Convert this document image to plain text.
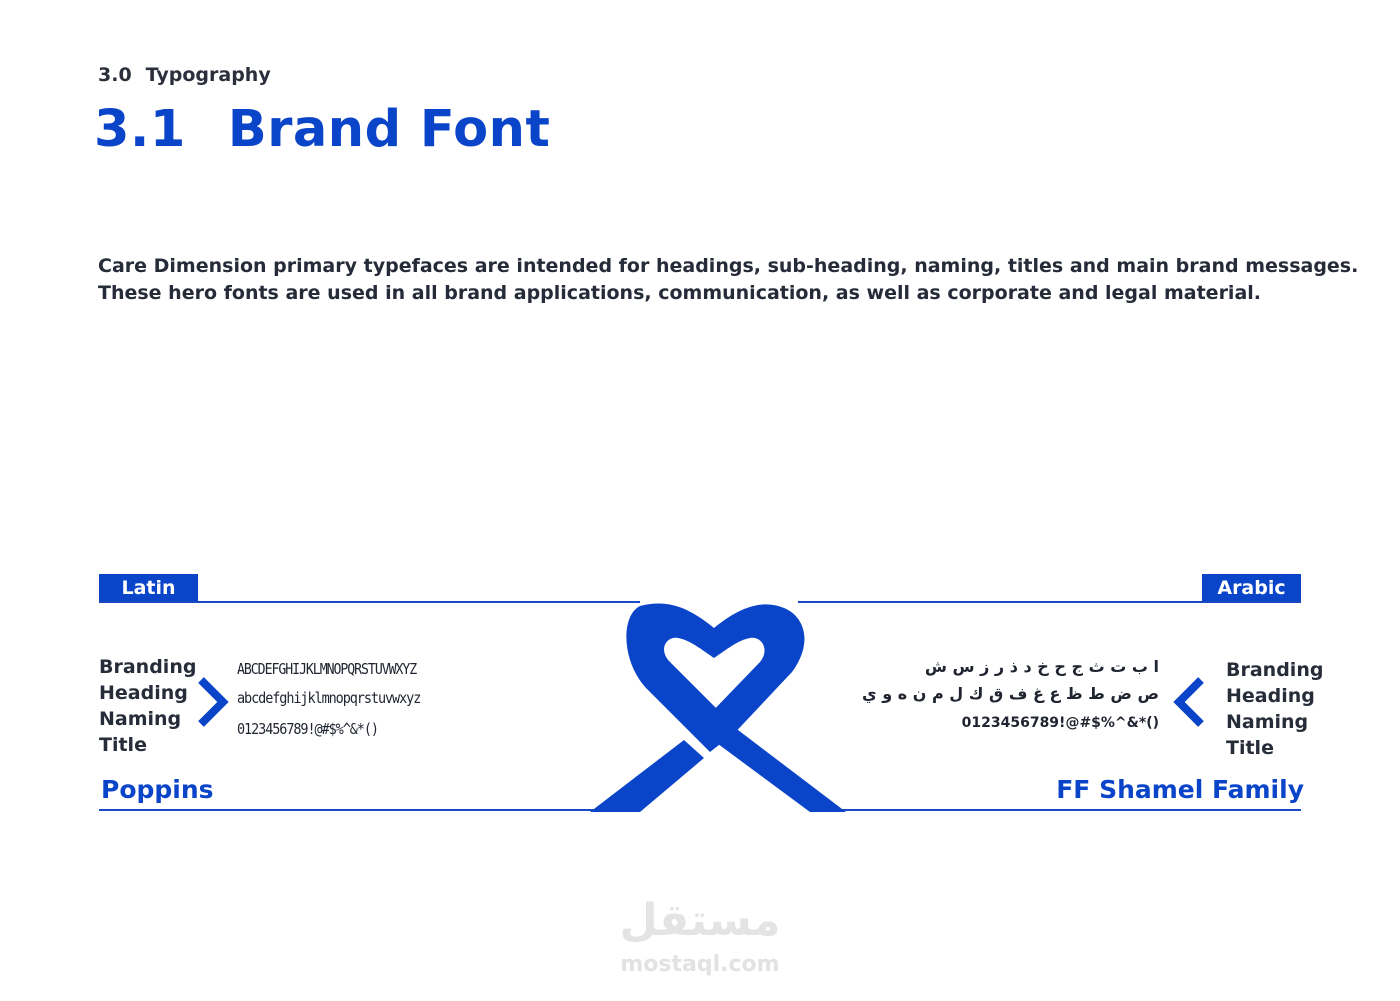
3.0 Typography
3.1 Brand Font

Care Dimension primary typefaces are intended for headings, sub-heading, naming, titles and main brand messages.

These hero fonts are used in all brand applications, communication, as well as corporate and legal material.

Latin	Arabic
Branding
Heading
Naming
Title
ABCDEFGHIJKLMNOPQRSTUVWXYZ
abcdefghijklmnopqrstuvwxyz
0123456789!@#$%^&*()
Poppins
ا ب ت ث ج ح خ د ذ ر ز س ش
ص ض ط ظ ع غ ف ق ك ل م ن ه و ي
0123456789!@#$%^&*()
Branding
Heading
Naming
Title
FF Shamel Family
مستقل
mostaql.com
